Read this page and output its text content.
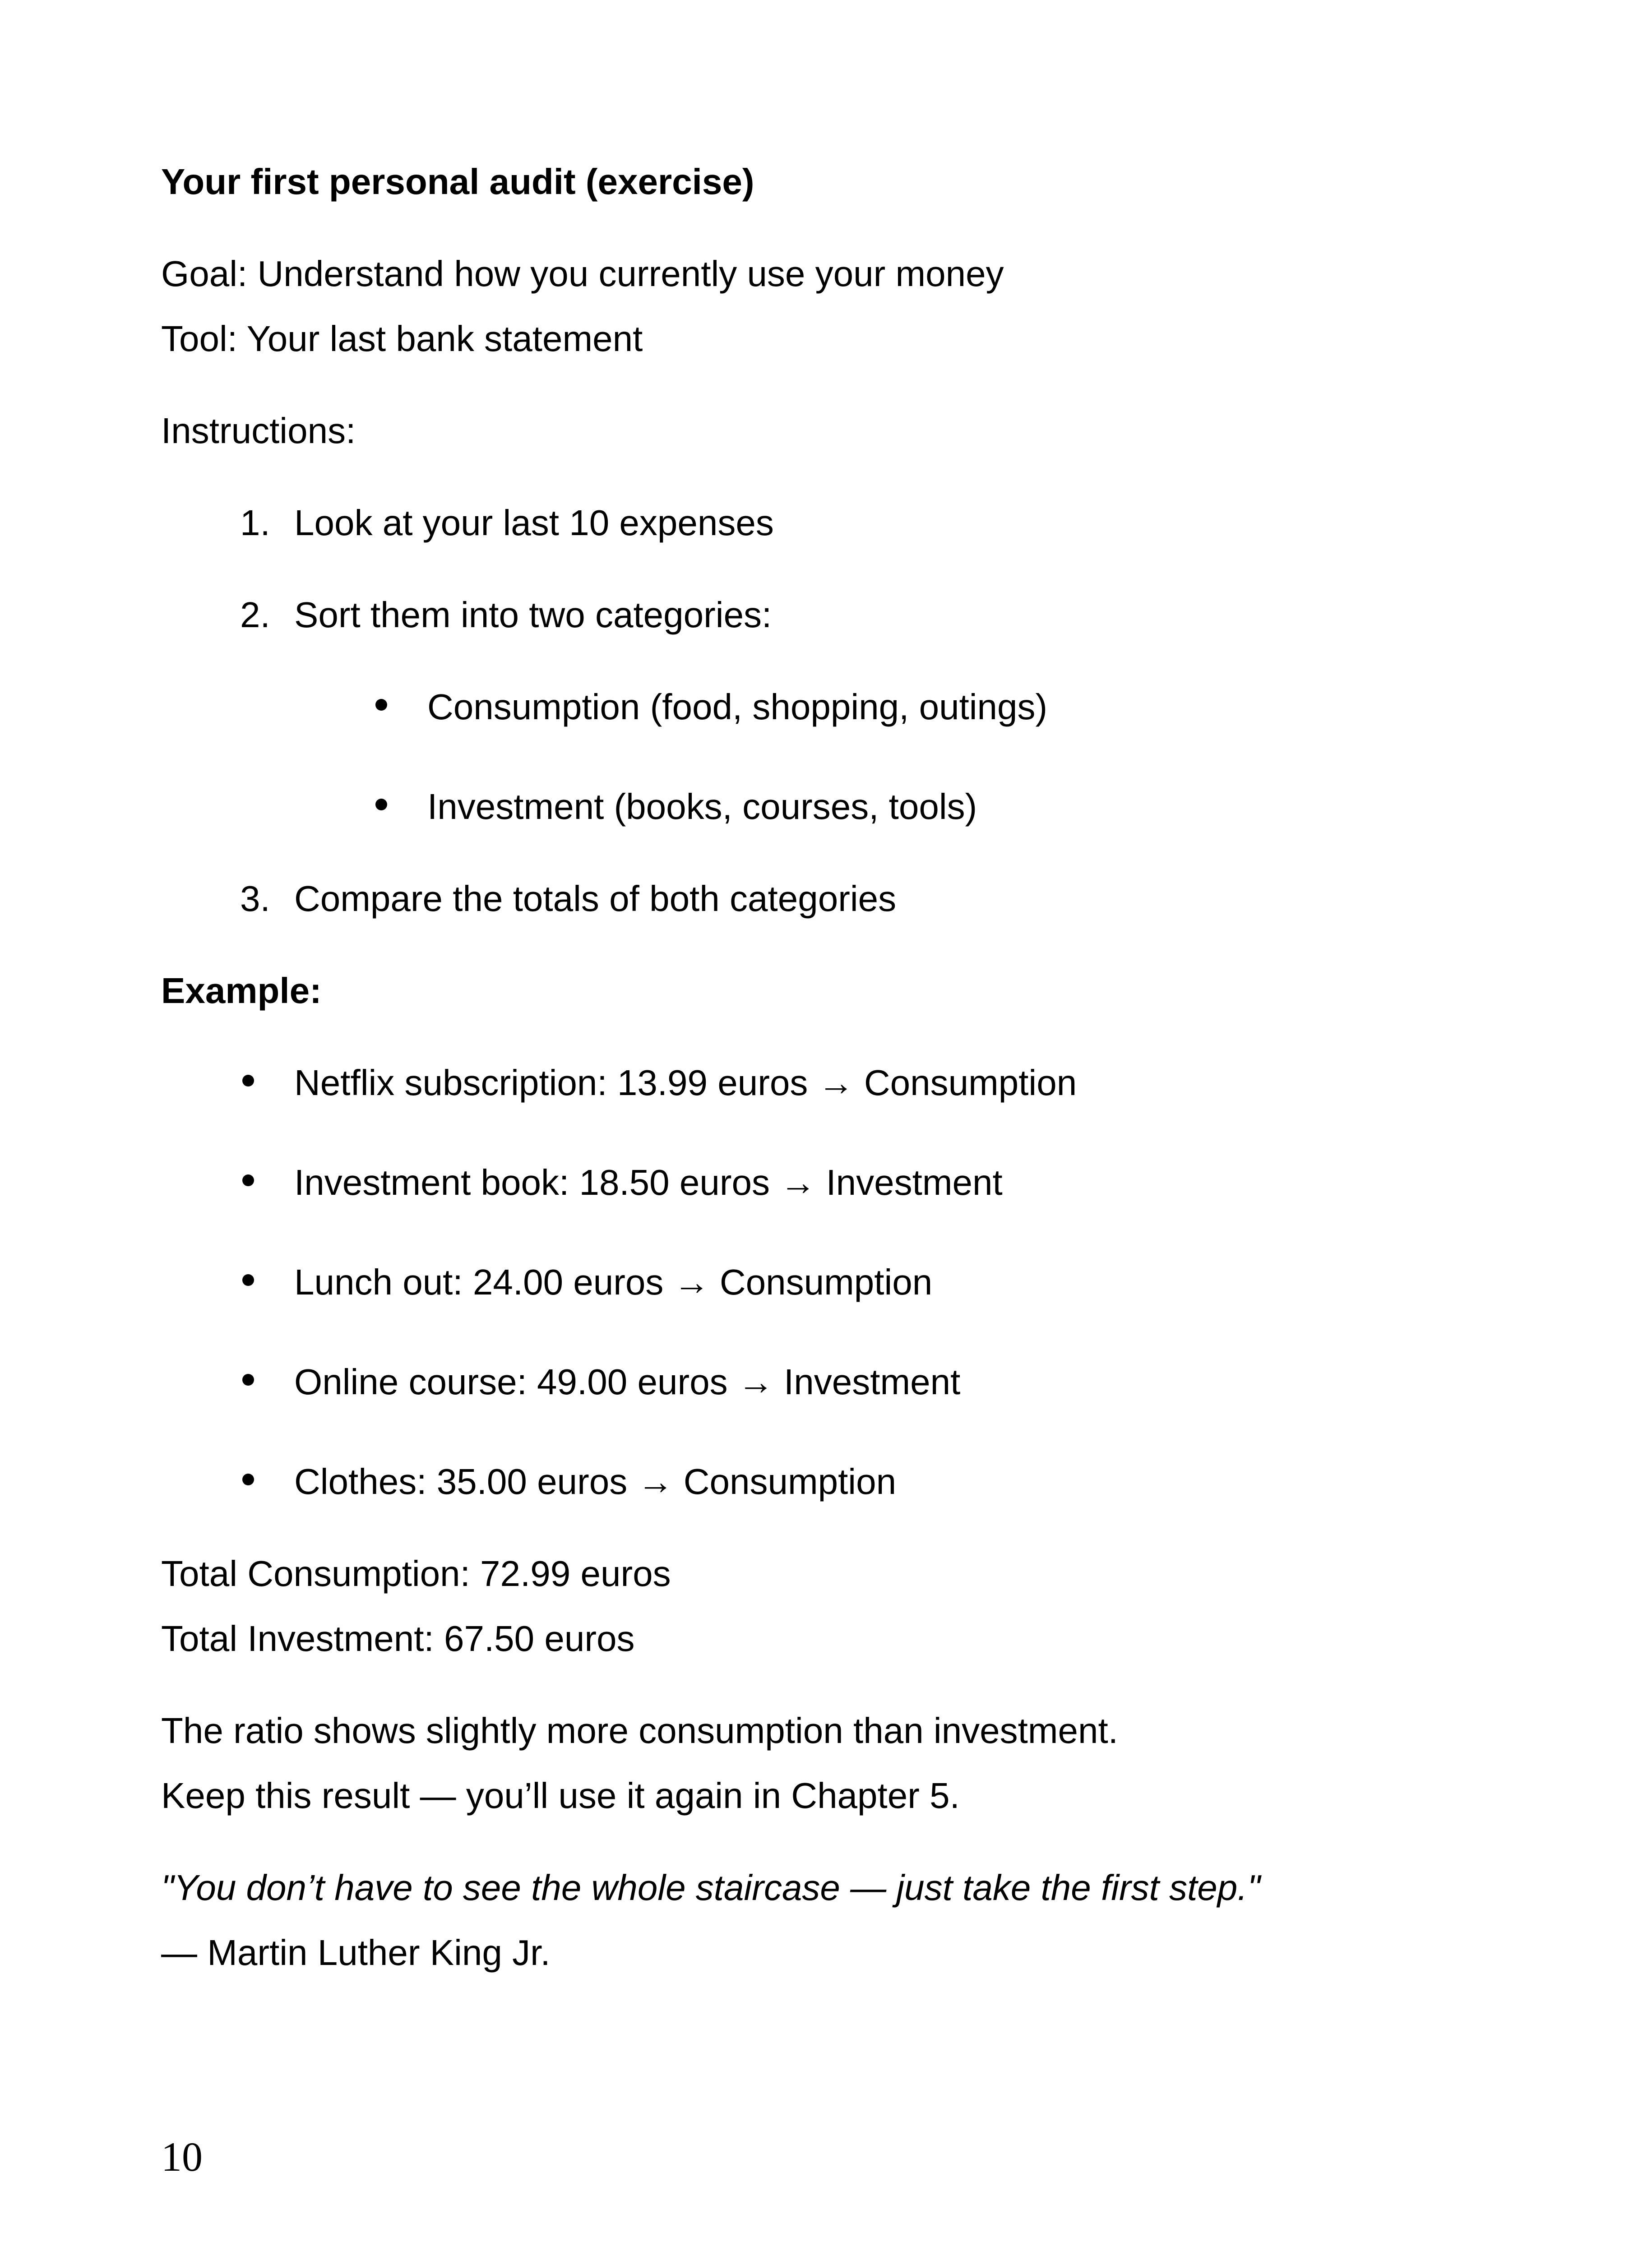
Your first personal audit (exercise)

Goal: Understand how you currently use your money

Tool: Your last bank statement

Instructions:

1. Look at your last 10 expenses
2. Sort them into two categories:
Consumption (food, shopping, outings)
Investment (books, courses, tools)
3. Compare the totals of both categories

Example:

Netflix subscription: 13.99 euros → Consumption
Investment book: 18.50 euros → Investment
Lunch out: 24.00 euros → Consumption
Online course: 49.00 euros → Investment
Clothes: 35.00 euros → Consumption

Total Consumption: 72.99 euros

Total Investment: 67.50 euros

The ratio shows slightly more consumption than investment.

Keep this result — you’ll use it again in Chapter 5.

"You don’t have to see the whole staircase — just take the first step."

— Martin Luther King Jr.

10
